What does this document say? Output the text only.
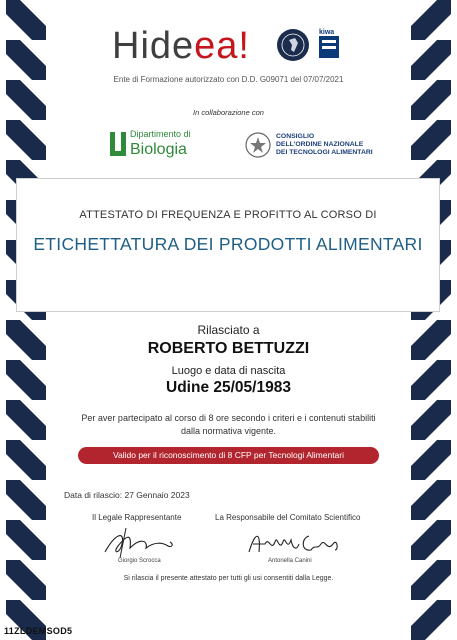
Hideea!	kiwa
Ente di Formazione autorizzato con D.D. G09071 del 07/07/2021
In collaborazione con
Dipartimento di
Biologia
CONSIGLIO
DELL'ORDINE NAZIONALE
DEI TECNOLOGI ALIMENTARI
ATTESTATO DI FREQUENZA E PROFITTO AL CORSO DI
ETICHETTATURA DEI PRODOTTI ALIMENTARI
Rilasciato a
ROBERTO BETTUZZI
Luogo e data di nascita
Udine 25/05/1983
Per aver partecipato al corso di 8 ore secondo i criteri e i contenuti stabiliti
dalla normativa vigente.
Valido per il riconoscimento di 8 CFP per Tecnologi Alimentari
Data di rilascio: 27 Gennaio 2023
Il Legale Rappresentante	La Responsabile del Comitato Scientifico
Giorgio Scrocca	Antonella Canini
Si rilascia il presente attestato per tutti gli usi consentiti dalla Legge.
11ZLDEMSOD5
